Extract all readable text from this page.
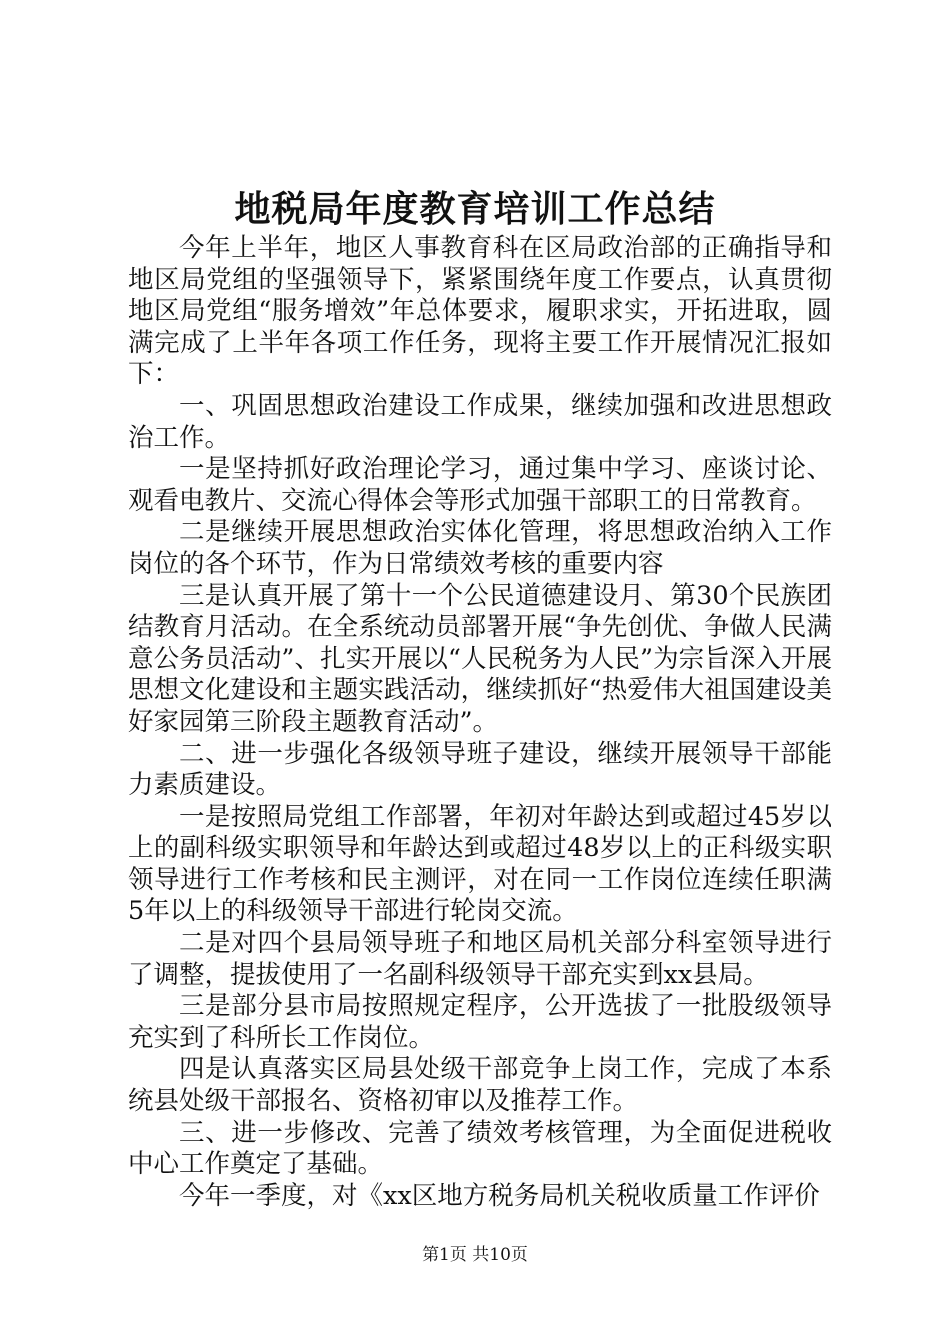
地税局年度教育培训工作总结

今年上半年，地区人事教育科在区局政治部的正确指导和地区局党组的坚强领导下，紧紧围绕年度工作要点，认真贯彻地区局党组“服务增效”年总体要求，履职求实，开拓进取，圆满完成了上半年各项工作任务，现将主要工作开展情况汇报如下：

一、巩固思想政治建设工作成果，继续加强和改进思想政治工作。

一是坚持抓好政治理论学习，通过集中学习、座谈讨论、观看电教片、交流心得体会等形式加强干部职工的日常教育。

二是继续开展思想政治实体化管理，将思想政治纳入工作岗位的各个环节，作为日常绩效考核的重要内容

三是认真开展了第十一个公民道德建设月、第30个民族团结教育月活动。在全系统动员部署开展“争先创优、争做人民满意公务员活动”、扎实开展以“人民税务为人民”为宗旨深入开展思想文化建设和主题实践活动，继续抓好“热爱伟大祖国建设美好家园第三阶段主题教育活动”。

二、进一步强化各级领导班子建设，继续开展领导干部能力素质建设。

一是按照局党组工作部署，年初对年龄达到或超过45岁以上的副科级实职领导和年龄达到或超过48岁以上的正科级实职领导进行工作考核和民主测评，对在同一工作岗位连续任职满5年以上的科级领导干部进行轮岗交流。

二是对四个县局领导班子和地区局机关部分科室领导进行了调整，提拔使用了一名副科级领导干部充实到xx县局。

三是部分县市局按照规定程序，公开选拔了一批股级领导充实到了科所长工作岗位。

四是认真落实区局县处级干部竞争上岗工作，完成了本系统县处级干部报名、资格初审以及推荐工作。

三、进一步修改、完善了绩效考核管理，为全面促进税收中心工作奠定了基础。

今年一季度，对《xx区地方税务局机关税收质量工作评价

第1页 共10页
